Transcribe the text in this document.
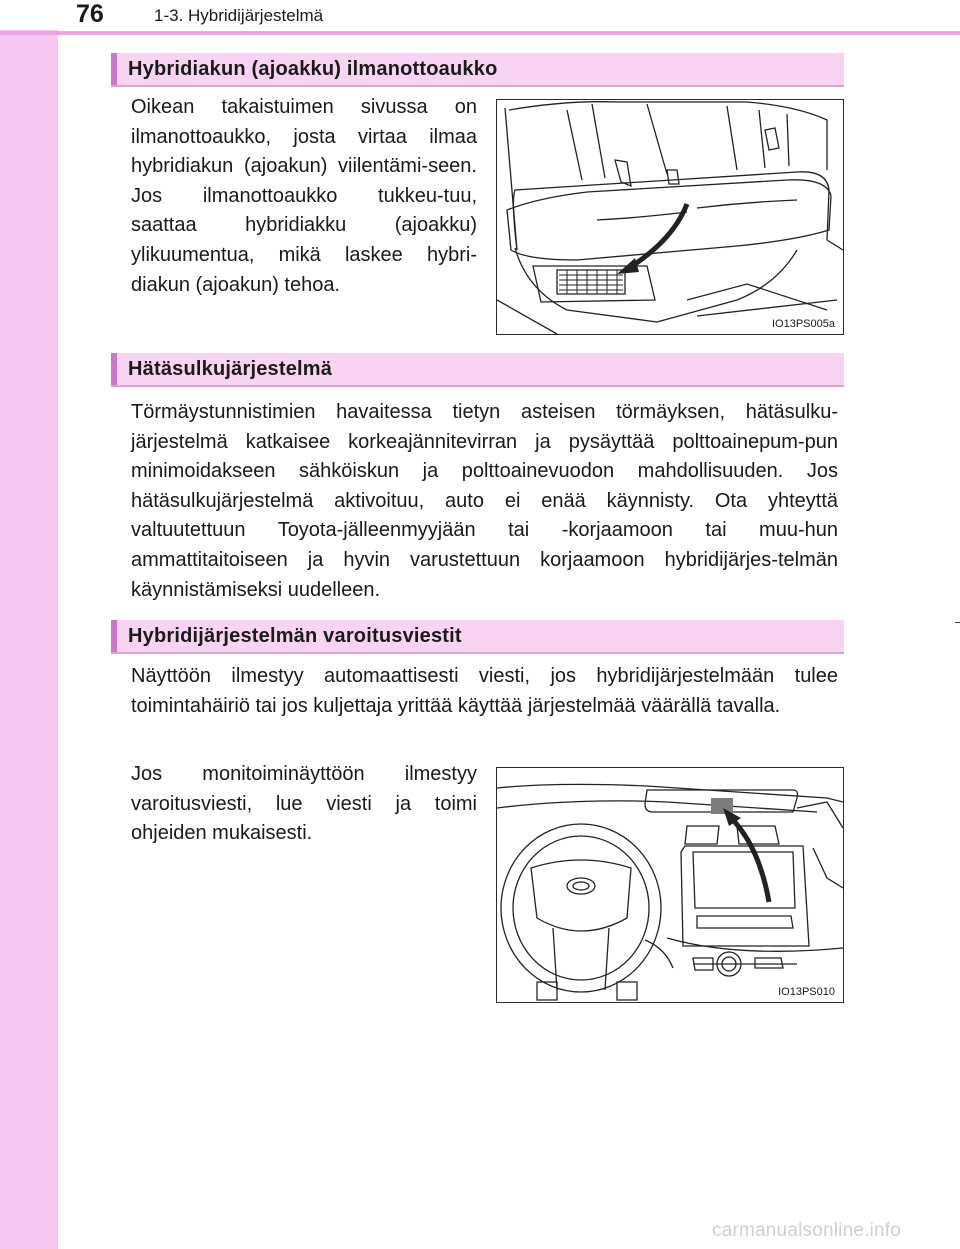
76	1-3. Hybridijärjestelmä

Hybridiakun (ajoakku) ilmanottoaukko

Oikean takaistuimen sivussa on ilmanottoaukko, josta virtaa ilmaa hybridiakun (ajoakun) viilentämi-seen. Jos ilmanottoaukko tukkeu-tuu, saattaa hybridiakku (ajoakku) ylikuumentua, mikä laskee hybri-diakun (ajoakun) tehoa.

IO13PS005a
Hätäsulkujärjestelmä

Törmäystunnistimien havaitessa tietyn asteisen törmäyksen, hätäsulku-järjestelmä katkaisee korkeajännitevirran ja pysäyttää polttoainepum-pun minimoidakseen sähköiskun ja polttoainevuodon mahdollisuuden. Jos hätäsulkujärjestelmä aktivoituu, auto ei enää käynnisty. Ota yhteyttä valtuutettuun Toyota-jälleenmyyjään tai -korjaamoon tai muu-hun ammattitaitoiseen ja hyvin varustettuun korjaamoon hybridijärjes-telmän käynnistämiseksi uudelleen.

Hybridijärjestelmän varoitusviestit

Näyttöön ilmestyy automaattisesti viesti, jos hybridijärjestelmään tulee toimintahäiriö tai jos kuljettaja yrittää käyttää järjestelmää väärällä tavalla.

Jos monitoiminäyttöön ilmestyy varoitusviesti, lue viesti ja toimi ohjeiden mukaisesti.

IO13PS010

carmanualsonline.info
